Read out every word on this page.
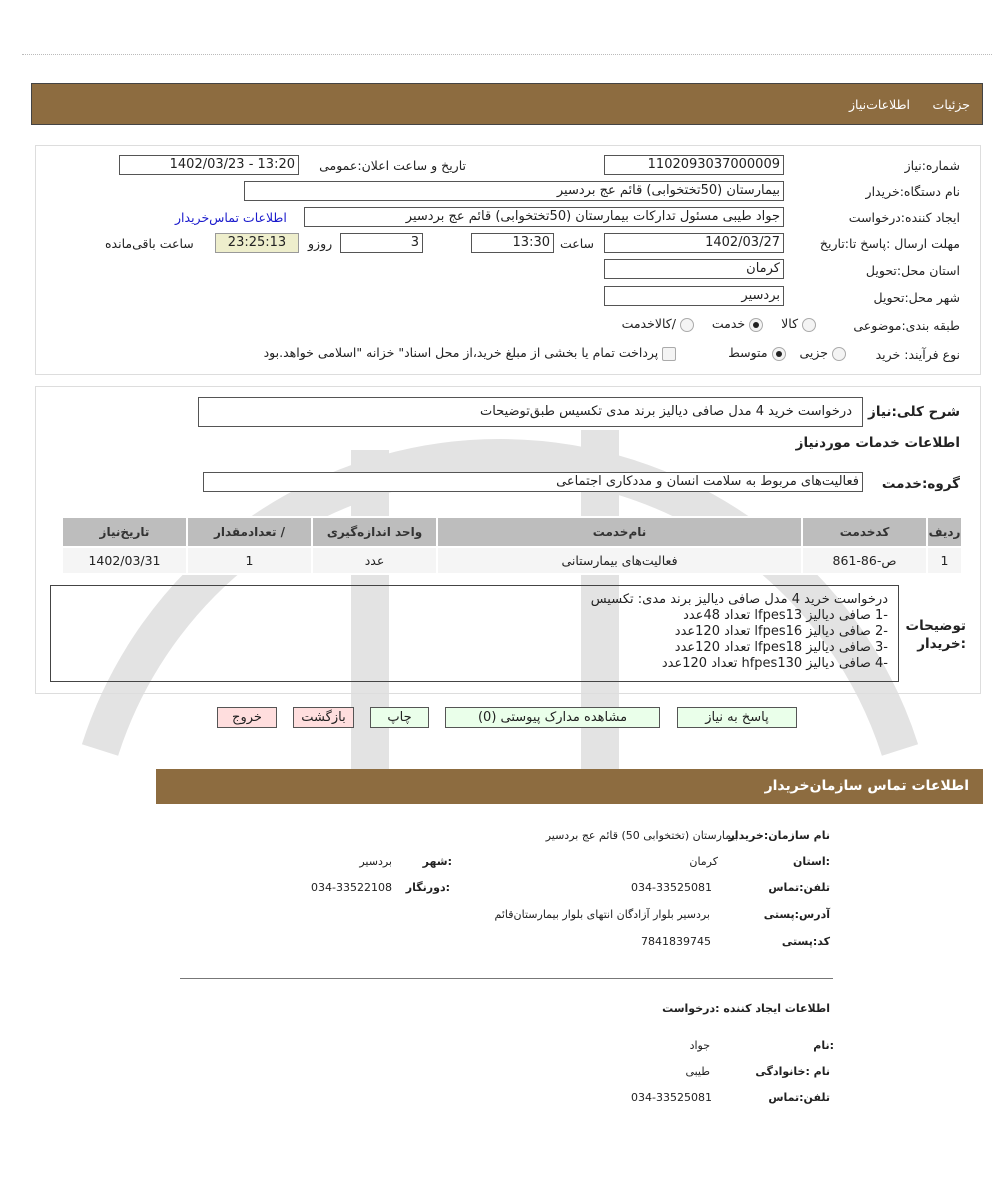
جزئیات
اطلاعات‌نیاز
شماره:نیاز
1102093037000009
تاریخ و ساعت اعلان:عمومی
1402/03/23 - 13:20
نام دستگاه:خریدار
بیمارستان (50تختخوابی) قائم عج بردسیر
ایجاد کننده:درخواست
جواد طیبی مسئول تدارکات بیمارستان (50تختخوابی) قائم عج بردسیر
اطلاعات تماس‌خریدار
مهلت ارسال :پاسخ تا:تاریخ
1402/03/27
ساعت
13:30
3
روزو
23:25:13
ساعت باقی‌مانده
استان محل:تحویل
کرمان
شهر محل:تحویل
بردسیر
طبقه بندی:موضوعی
کالا  خدمت  /کالاخدمت
نوع فرآیند: خرید
جزیی  متوسط  پرداخت تمام یا بخشی از مبلغ خرید،از محل اسناد" خزانه "اسلامی خواهد.بود
شرح کلی:نیاز
درخواست خرید 4 مدل صافی دیالیز برند مدی تکسیس طبق‌توضیحات
اطلاعات خدمات موردنیاز
گروه:خدمت
فعالیت‌های مربوط به سلامت انسان و مددکاری اجتماعی
ردیف	کدخدمت	نام‌خدمت	واحد اندازه‌گیری	/ تعدادمقدار	تاریخ‌نیاز
1	ص-86-861	فعالیت‌های بیمارستانی	عدد	1	1402/03/31
توضیحات
:خریدار
درخواست خرید 4 مدل صافی دیالیز برند مدی: تکسیس
-1 صافی دیالیز lfpes13 تعداد 48عدد
-2 صافی دیالیز lfpes16 تعداد 120عدد
-3 صافی دیالیز lfpes18 تعداد 120عدد
-4 صافی دیالیز hfpes130 تعداد 120عدد
پاسخ به نیاز
مشاهده مدارک پیوستی (0)
چاپ
بازگشت
خروج
اطلاعات تماس سازمان‌خریدار
نام سازمان:خریدار
بیمارستان (تختخوابی 50) قائم عج بردسیر
:استان
کرمان
:شهر
بردسیر
تلفن:تماس
034-33525081
:دورنگار
034-33522108
آدرس:پستی
بردسیر بلوار آزادگان انتهای بلوار بیمارستان‌قائم
کد:پستی
7841839745
اطلاعات ایجاد کننده :درخواست
:نام
جواد
نام :خانوادگی
طیبی
تلفن:تماس
034-33525081
